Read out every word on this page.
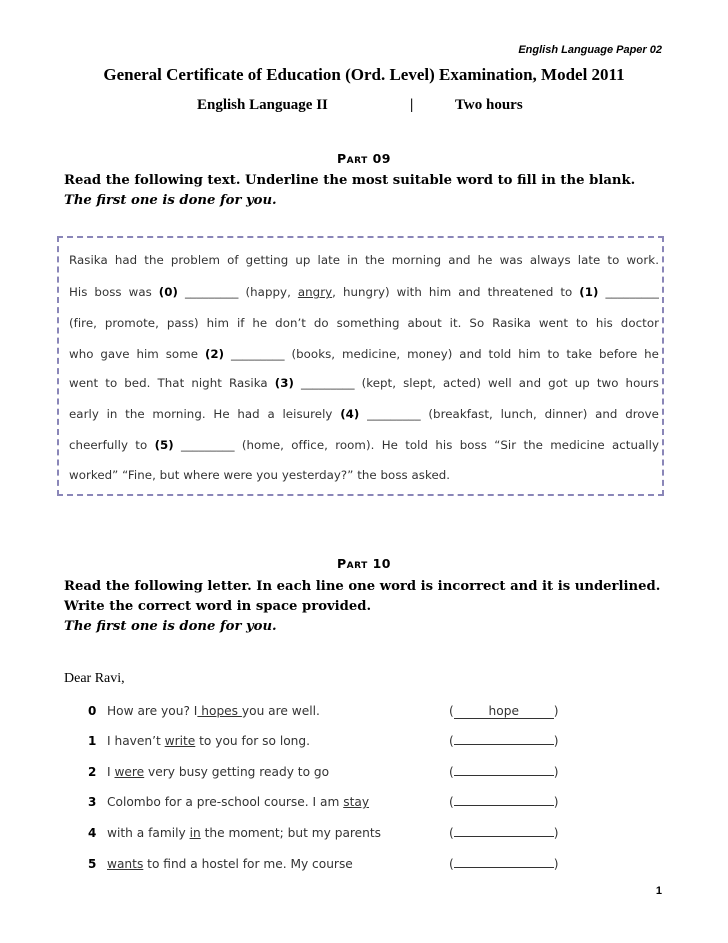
English Language Paper 02
General Certificate of Education (Ord. Level) Examination, Model 2011
English Language II	|	Two hours
Part 09
Read the following text. Underline the most suitable word to fill in the blank.
The first one is done for you.
Rasika had the problem of getting up late in the morning and he was always late to work.
His boss was (0) _________ (happy, angry, hungry) with him and threatened to (1) _________
(fire, promote, pass) him if he don’t do something about it. So Rasika went to his doctor
who gave him some (2) _________ (books, medicine, money) and told him to take before he
went to bed. That night Rasika (3) _________ (kept, slept, acted) well and got up two hours
early in the morning. He had a leisurely (4) _________ (breakfast, lunch, dinner) and drove
cheerfully to (5) _________ (home, office, room). He told his boss “Sir the medicine actually
worked” “Fine, but where were you yesterday?” the boss asked.
Part 10
Read the following letter. In each line one word is incorrect and it is underlined.
Write the correct word in space provided.
The first one is done for you.
Dear Ravi,
0 How are you? I hopes you are well.	(	hope	)
1 I haven’t write to you for so long.	(	)
2 I were very busy getting ready to go	(	)
3 Colombo for a pre-school course. I am stay	(	)
4 with a family in the moment; but my parents	(	)
5 wants to find a hostel for me. My course	(	)
1
